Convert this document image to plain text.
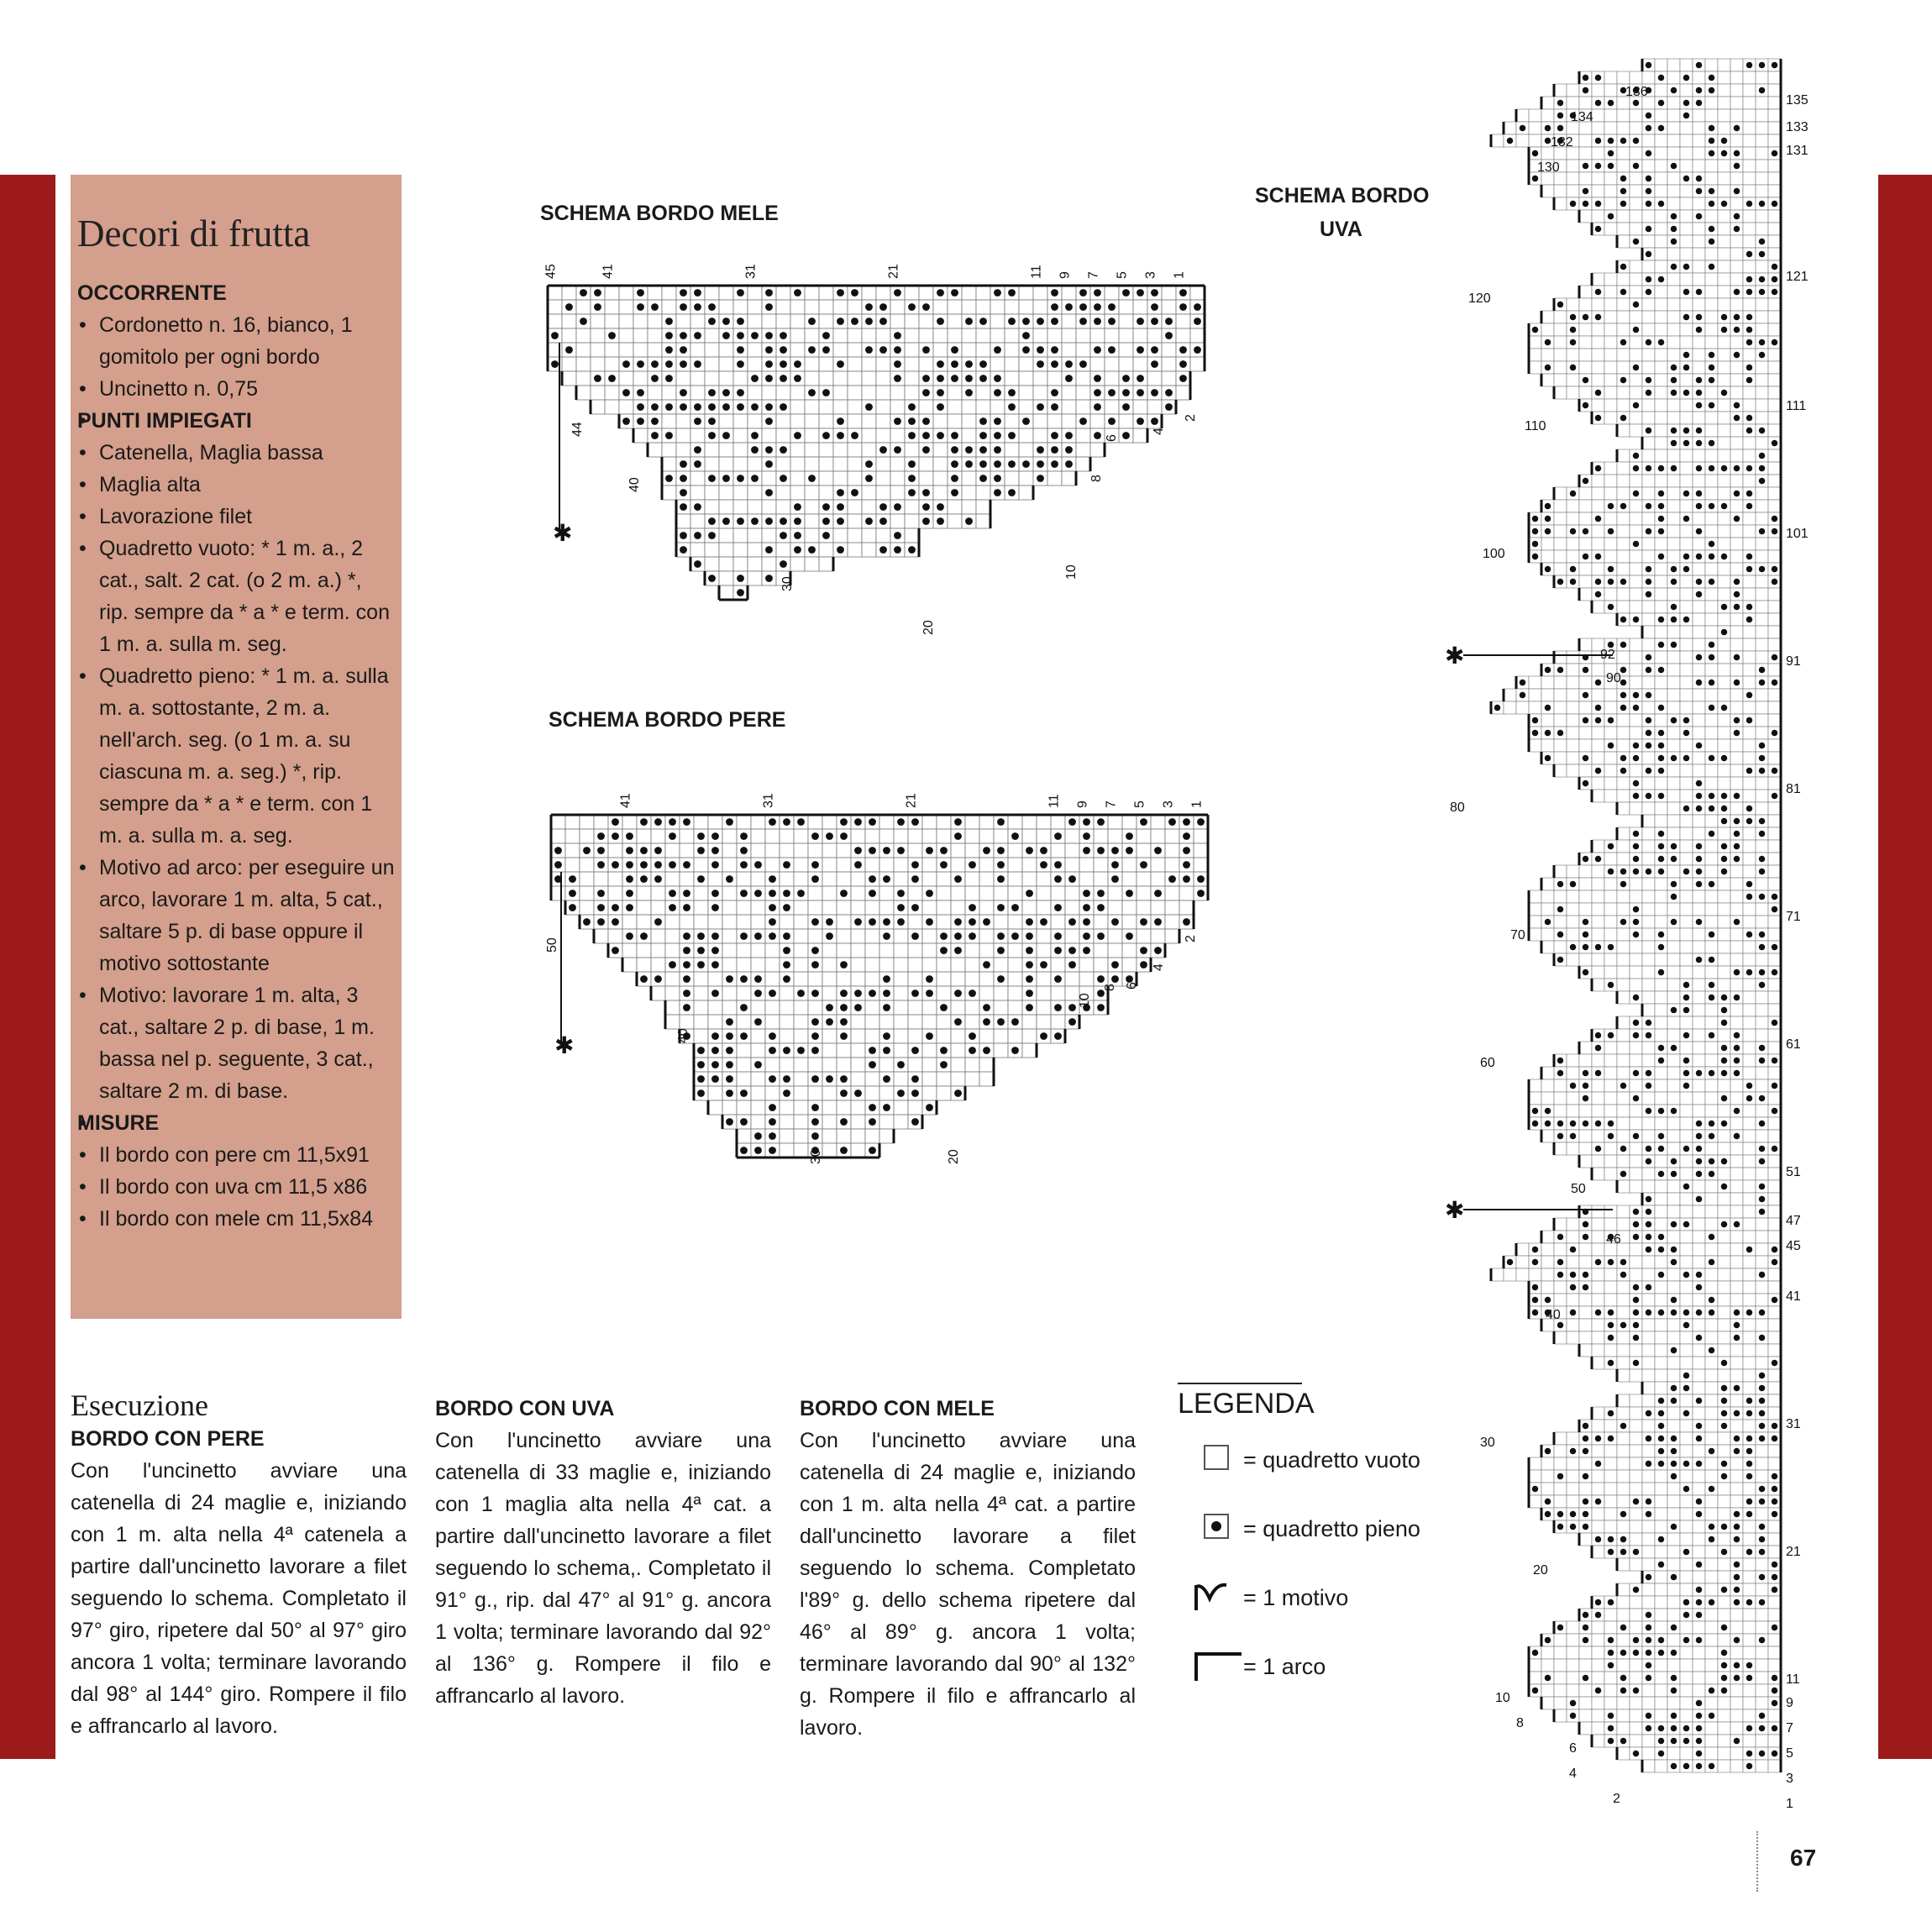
Decori di frutta
OCCORRENTE
• Cordonetto n. 16, bianco, 1 gomitolo per ogni bordo
• Uncinetto n. 0,75
PUNTI IMPIEGATI
• Catenella, Maglia bassa
• Maglia alta
• Lavorazione filet
• Quadretto vuoto: * 1 m. a., 2 cat., salt. 2 cat. (o 2 m. a.) *, rip. sempre da * a * e term. con 1 m. a. sulla m. seg.
• Quadretto pieno: * 1 m. a. sulla m. a. sottostante, 2 m. a. nell'arch. seg. (o 1 m. a. su ciascuna m. a. seg.) *, rip. sempre da * a * e term. con 1 m. a. sulla m. a. seg.
• Motivo ad arco: per eseguire un arco, lavorare 1 m. alta, 5 cat., saltare 5 p. di base oppure il motivo sottostante
• Motivo: lavorare 1 m. alta, 3 cat., saltare 2 p. di base, 1 m. bassa nel p. seguente, 3 cat., saltare 2 m. di base.
MISURE
• Il bordo con pere cm 11,5x91
• Il bordo con uva cm 11,5 x86
• Il bordo con mele cm 11,5x84
SCHEMA BORDO MELE
SCHEMA BORDO PERE
SCHEMA BORDO
UVA
45	41	31	21	11 9 7 5 3 1
44
40
30
20
10
8
6
4
2
✱
41	31	21	11 9 7 5 3 1
50
40
30	20
10
8 6
4
2
✱
135
133
131
121
111
101
91
81
71
61
51
47
45
41
31
21
11
9
7
5
3
1
136
134
132
130
120
110
100
92
90
80
70
60
50
46
40
30
20
10
8
6
4
2
✱
✱
Esecuzione
BORDO CON PERE

Con l'uncinetto avviare una catenella di 24 maglie e, iniziando con 1 m. alta nella 4ª catenela a partire dall'uncinetto lavorare a filet seguendo lo schema. Completato il 97° giro, ripetere dal 50° al 97° giro ancora 1 volta; terminare lavorando dal 98° al 144° giro. Rompere il filo e affrancarlo al lavoro.

BORDO CON UVA

Con l'uncinetto avviare una catenella di 33 maglie e, iniziando con 1 maglia alta nella 4ª cat. a partire dall'uncinetto lavorare a filet seguendo lo schema,. Completato il 91° g., rip. dal 47° al 91° g. ancora 1 volta; terminare lavorando dal 92° al 136° g. Rompere il filo e affrancarlo al lavoro.

BORDO CON MELE

Con l'uncinetto avviare una catenella di 24 maglie e, iniziando con 1 m. alta nella 4ª cat. a partire dall'uncinetto lavorare a filet seguendo lo schema. Completato l'89° g. dello schema ripetere dal 46° al 89° g. ancora 1 volta; terminare lavorando dal 90° al 132° g. Rompere il filo e affrancarlo al lavoro.

LEGENDA
= quadretto vuoto
= quadretto pieno
= 1 motivo
= 1 arco
67
